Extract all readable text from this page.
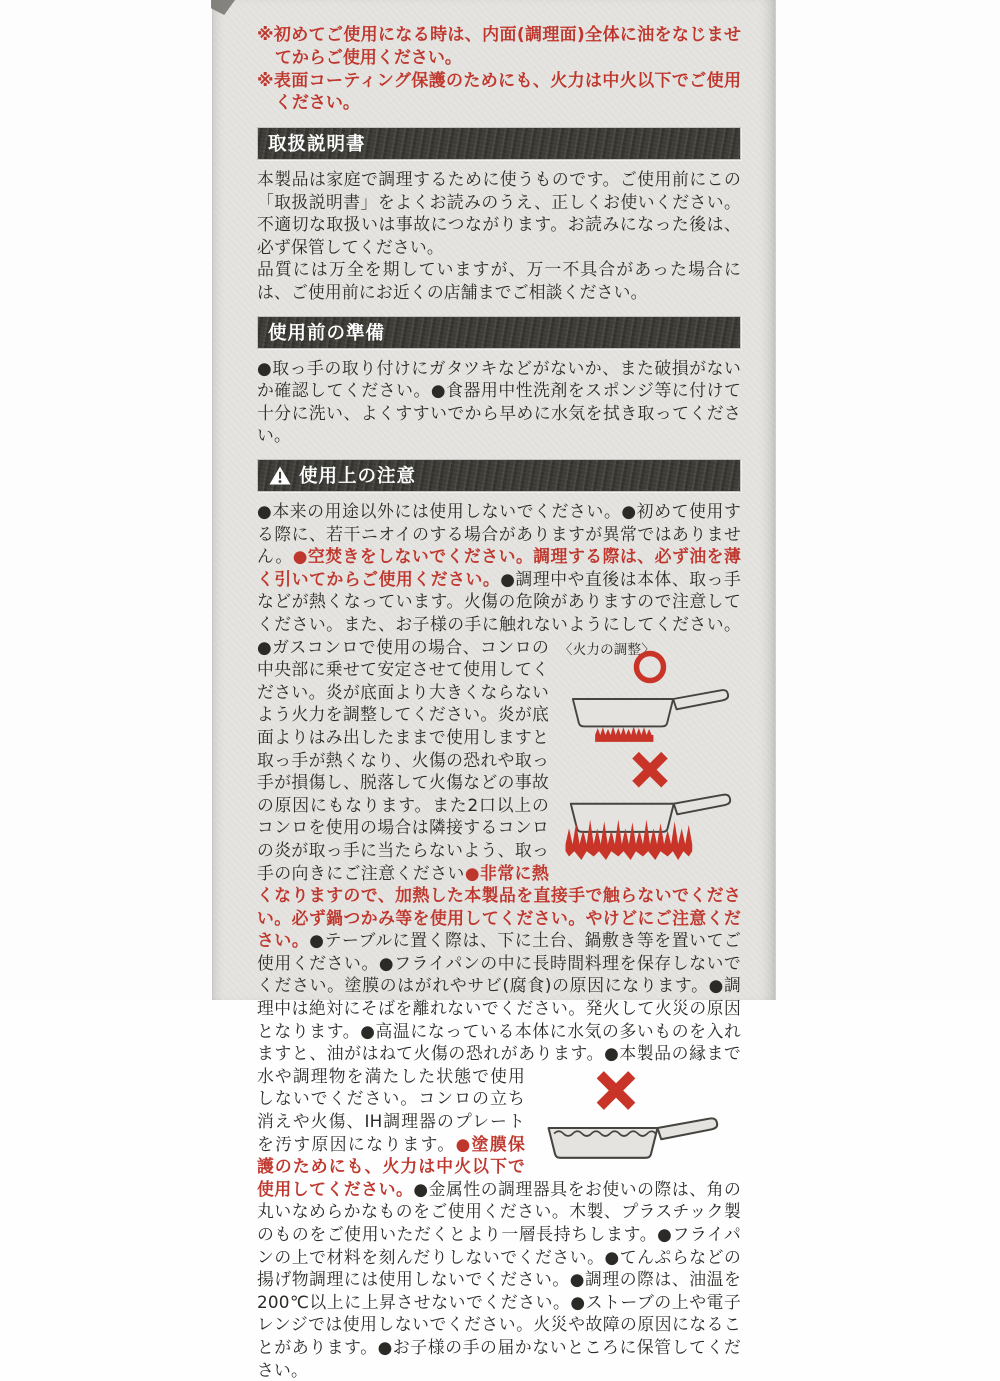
※初めてご使用になる時は、内面(調理面)全体に油をなじませてからご使用ください。

※表面コーティング保護のためにも、火力は中火以下でご使用ください。

取扱説明書

本製品は家庭で調理するために使うものです。ご使用前にこの「取扱説明書」をよくお読みのうえ、正しくお使いください。不適切な取扱いは事故につながります。お読みになった後は、必ず保管してください。

品質には万全を期していますが、万一不具合があった場合には、ご使用前にお近くの店舗までご相談ください。

使用前の準備

●取っ手の取り付けにガタツキなどがないか、また破損がないか確認してください。●食器用中性洗剤をスポンジ等に付けて十分に洗い、よくすすいでから早めに水気を拭き取ってください。

使用上の注意

●本来の用途以外には使用しないでください。●初めて使用する際に、若干ニオイのする場合がありますが異常ではありません。●空焚きをしないでください。調理する際は、必ず油を薄く引いてからご使用ください。●調理中や直後は本体、取っ手などが熱くなっています。火傷の危険がありますので注意してください。また、お子様の手に触れないようにしてください。
〈火力の調整〉
●ガスコンロで使用の場合、コンロの中央部に乗せて安定させて使用してください。炎が底面より大きくならないよう火力を調整してください。炎が底面よりはみ出したままで使用しますと取っ手が熱くなり、火傷の恐れや取っ手が損傷し、脱落して火傷などの事故の原因にもなります。また2口以上のコンロを使用の場合は隣接するコンロの炎が取っ手に当たらないよう、取っ手の向きにご注意ください●非常に熱くなりますので、加熱した本製品を直接手で触らないでください。必ず鍋つかみ等を使用してください。やけどにご注意ください。●テーブルに置く際は、下に土台、鍋敷き等を置いてご使用ください。●フライパンの中に長時間料理を保存しないでください。塗膜のはがれやサビ(腐食)の原因になります。●調理中は絶対にそばを離れないでください。発火して火災の原因となります。●高温になっている本体に水気の多いものを入れますと、油がはねて火傷の恐れがあります。
●本製品の縁まで水や調理物を満たした状態で使用しないでください。コンロの立ち消えや火傷、IH調理器のプレートを汚す原因になります。●塗膜保護のためにも、火力は中火以下で使用してください。●金属性の調理器具をお使いの際は、角の丸いなめらかなものをご使用ください。木製、プラスチック製のものをご使用いただくとより一層長持ちします。●フライパンの上で材料を刻んだりしないでください。●てんぷらなどの揚げ物調理には使用しないでください。●調理の際は、油温を200℃以上に上昇させないでください。●ストーブの上や電子レンジでは使用しないでください。火災や故障の原因になることがあります。●お子様の手の届かないところに保管してください。
